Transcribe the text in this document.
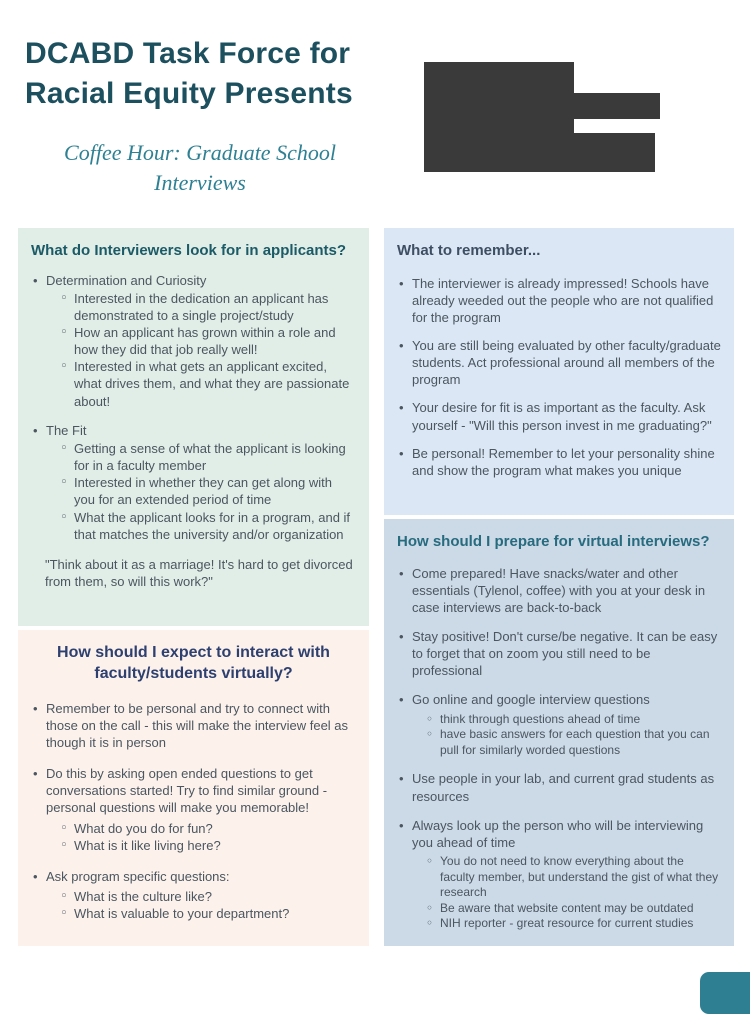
DCABD Task Force for
Racial Equity Presents
Coffee Hour: Graduate School
Interviews
What do Interviewers look for in applicants?
• Determination and Curiosity
◦ Interested in the dedication an applicant has demonstrated to a single project/study
◦ How an applicant has grown within a role and how they did that job really well!
◦ Interested in what gets an applicant excited, what drives them, and what they are passionate about!
• The Fit
◦ Getting a sense of what the applicant is looking for in a faculty member
◦ Interested in whether they can get along with you for an extended period of time
◦ What the applicant looks for in a program, and if that matches the university and/or organization

"Think about it as a marriage! It's hard to get divorced from them, so will this work?"

What to remember...
• The interviewer is already impressed! Schools have already weeded out the people who are not qualified for the program
• You are still being evaluated by other faculty/graduate students. Act professional around all members of the program
• Your desire for fit is as important as the faculty. Ask yourself - "Will this person invest in me graduating?"
• Be personal! Remember to let your personality shine and show the program what makes you unique
How should I expect to interact with
faculty/students virtually?
• Remember to be personal and try to connect with those on the call - this will make the interview feel as though it is in person
• Do this by asking open ended questions to get conversations started! Try to find similar ground - personal questions will make you memorable!
◦ What do you do for fun?
◦ What is it like living here?
• Ask program specific questions:
◦ What is the culture like?
◦ What is valuable to your department?
How should I prepare for virtual interviews?
• Come prepared! Have snacks/water and other essentials (Tylenol, coffee) with you at your desk in case interviews are back-to-back
• Stay positive! Don't curse/be negative. It can be easy to forget that on zoom you still need to be professional
• Go online and google interview questions
◦ think through questions ahead of time
◦ have basic answers for each question that you can pull for similarly worded questions
• Use people in your lab, and current grad students as resources
• Always look up the person who will be interviewing you ahead of time
◦ You do not need to know everything about the faculty member, but understand the gist of what they research
◦ Be aware that website content may be outdated
◦ NIH reporter - great resource for current studies
